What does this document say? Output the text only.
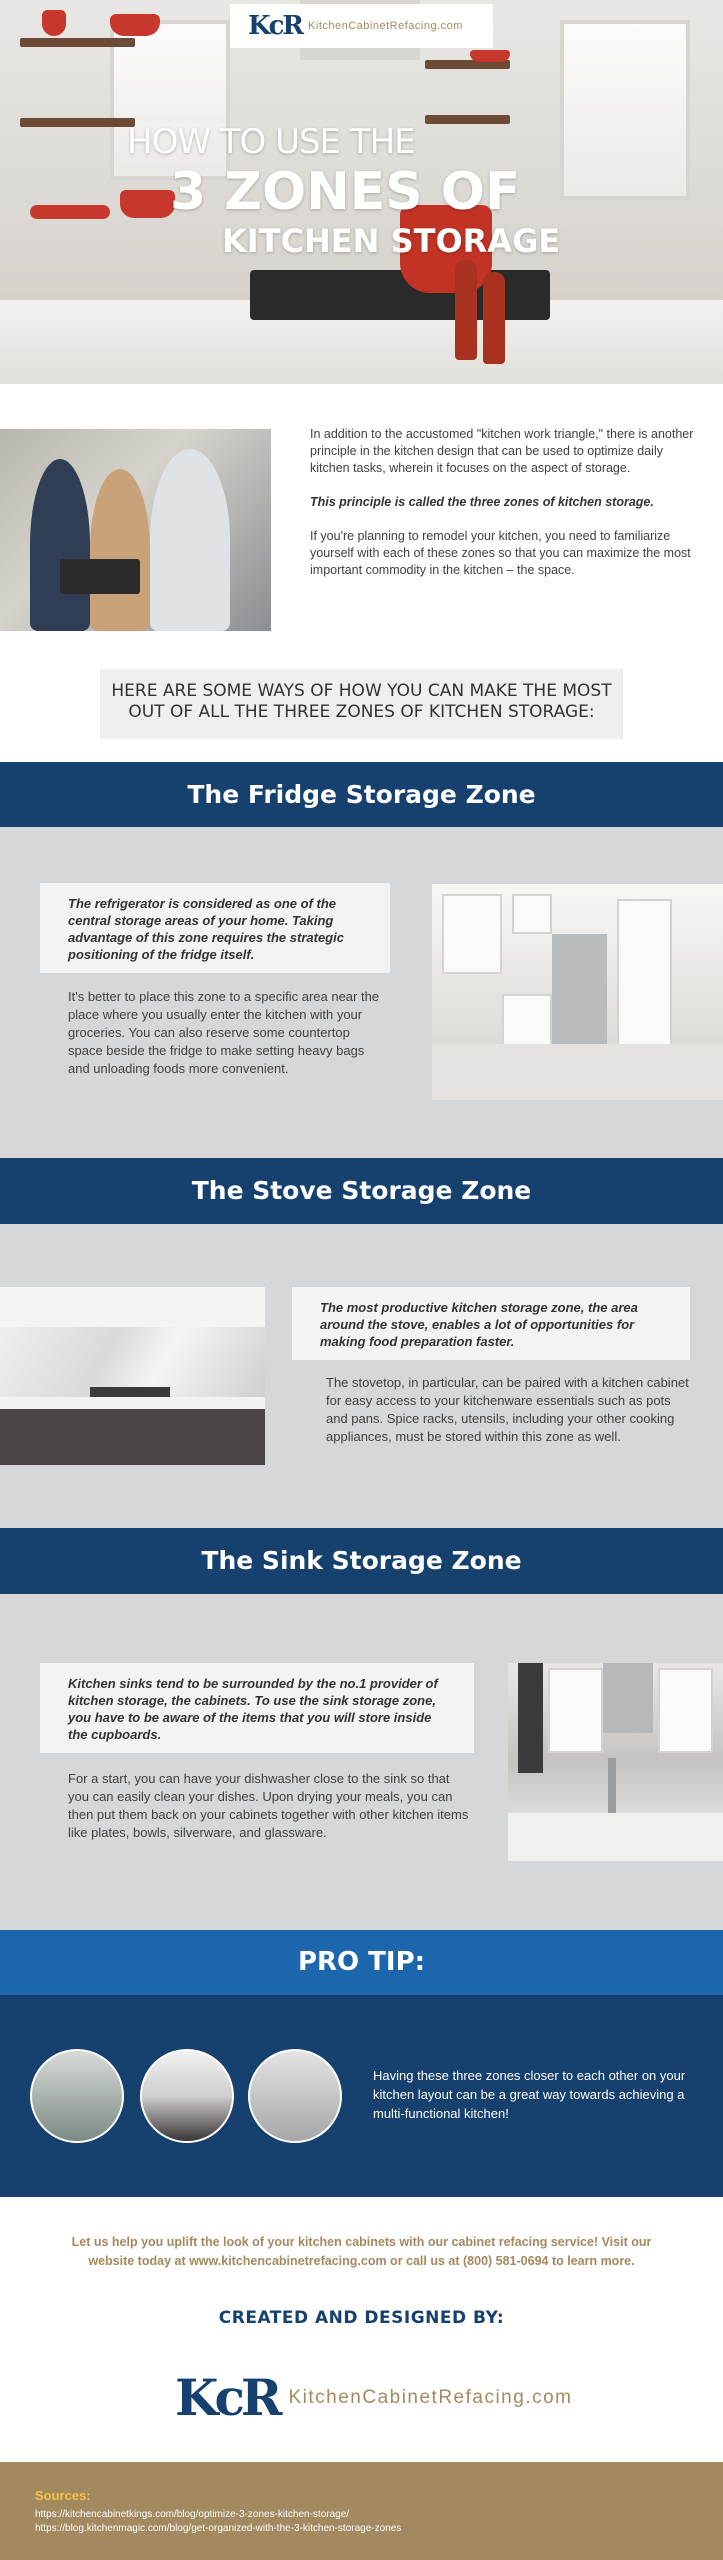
KcR KitchenCabinetRefacing.com
HOW TO USE THE
3 ZONES OF
KITCHEN STORAGE

In addition to the accustomed "kitchen work triangle," there is another principle in the kitchen design that can be used to optimize daily kitchen tasks, wherein it focuses on the aspect of storage.

This principle is called the three zones of kitchen storage.

If you're planning to remodel your kitchen, you need to familiarize yourself with each of these zones so that you can maximize the most important commodity in the kitchen – the space.

HERE ARE SOME WAYS OF HOW YOU CAN MAKE THE MOST OUT OF ALL THE THREE ZONES OF KITCHEN STORAGE:
The Fridge Storage Zone
The refrigerator is considered as one of the central storage areas of your home. Taking advantage of this zone requires the strategic positioning of the fridge itself.
It's better to place this zone to a specific area near the place where you usually enter the kitchen with your groceries. You can also reserve some countertop space beside the fridge to make setting heavy bags and unloading foods more convenient.
The Stove Storage Zone
The most productive kitchen storage zone, the area around the stove, enables a lot of opportunities for making food preparation faster.
The stovetop, in particular, can be paired with a kitchen cabinet for easy access to your kitchenware essentials such as pots and pans. Spice racks, utensils, including your other cooking appliances, must be stored within this zone as well.
The Sink Storage Zone
Kitchen sinks tend to be surrounded by the no.1 provider of kitchen storage, the cabinets. To use the sink storage zone, you have to be aware of the items that you will store inside the cupboards.
For a start, you can have your dishwasher close to the sink so that you can easily clean your dishes. Upon drying your meals, you can then put them back on your cabinets together with other kitchen items like plates, bowls, silverware, and glassware.
PRO TIP:
Having these three zones closer to each other on your kitchen layout can be a great way towards achieving a multi-functional kitchen!
Let us help you uplift the look of your kitchen cabinets with our cabinet refacing service! Visit our website today at www.kitchencabinetrefacing.com or call us at (800) 581-0694 to learn more.
CREATED AND DESIGNED BY:
KcR KitchenCabinetRefacing.com
Sources:
https://kitchencabinetkings.com/blog/optimize-3-zones-kitchen-storage/
https://blog.kitchenmagic.com/blog/get-organized-with-the-3-kitchen-storage-zones
